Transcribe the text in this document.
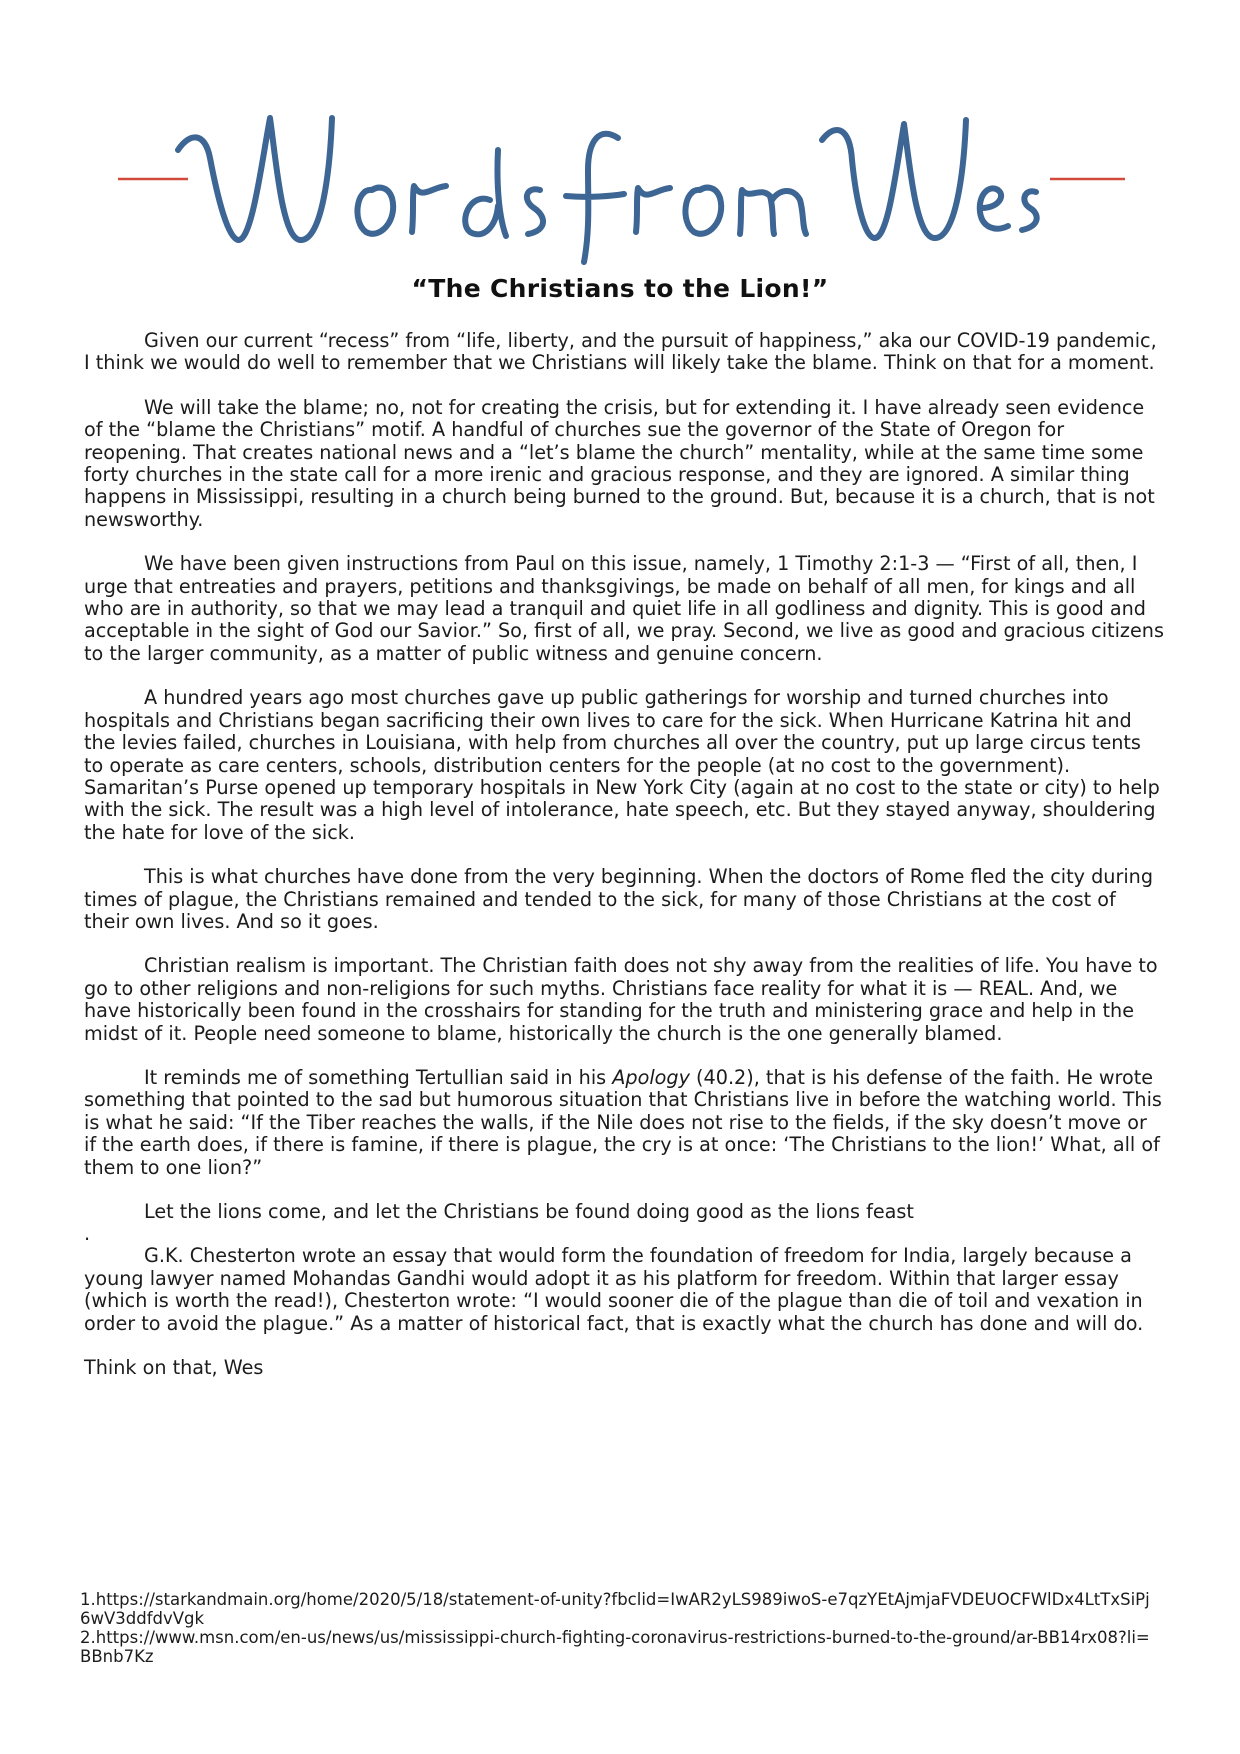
“The Christians to the Lion!”

Given our current “recess” from “life, liberty, and the pursuit of happiness,” aka our COVID-19 pandemic, I think we would do well to remember that we Christians will likely take the blame. Think on that for a moment.

We will take the blame; no, not for creating the crisis, but for extending it. I have already seen evidence of the “blame the Christians” motif. A handful of churches sue the governor of the State of Oregon for reopening. That creates national news and a “let’s blame the church” mentality, while at the same time some forty churches in the state call for a more irenic and gracious response, and they are ignored. A similar thing happens in Mississippi, resulting in a church being burned to the ground. But, because it is a church, that is not newsworthy.

We have been given instructions from Paul on this issue, namely, 1 Timothy 2:1-3 — “First of all, then, I urge that entreaties and prayers, petitions and thanksgivings, be made on behalf of all men, for kings and all who are in authority, so that we may lead a tranquil and quiet life in all godliness and dignity. This is good and acceptable in the sight of God our Savior.” So, first of all, we pray. Second, we live as good and gracious citizens to the larger community, as a matter of public witness and genuine concern.

A hundred years ago most churches gave up public gatherings for worship and turned churches into hospitals and Christians began sacrificing their own lives to care for the sick. When Hurricane Katrina hit and the levies failed, churches in Louisiana, with help from churches all over the country, put up large circus tents to operate as care centers, schools, distribution centers for the people (at no cost to the government). Samaritan’s Purse opened up temporary hospitals in New York City (again at no cost to the state or city) to help with the sick. The result was a high level of intolerance, hate speech, etc. But they stayed anyway, shouldering the hate for love of the sick.

This is what churches have done from the very beginning. When the doctors of Rome fled the city during times of plague, the Christians remained and tended to the sick, for many of those Christians at the cost of their own lives. And so it goes.

Christian realism is important. The Christian faith does not shy away from the realities of life. You have to go to other religions and non-religions for such myths. Christians face reality for what it is — REAL. And, we have historically been found in the crosshairs for standing for the truth and ministering grace and help in the midst of it. People need someone to blame, historically the church is the one generally blamed.

It reminds me of something Tertullian said in his Apology (40.2), that is his defense of the faith. He wrote something that pointed to the sad but humorous situation that Christians live in before the watching world. This is what he said: “If the Tiber reaches the walls, if the Nile does not rise to the fields, if the sky doesn’t move or if the earth does, if there is famine, if there is plague, the cry is at once: ‘The Christians to the lion!’ What, all of them to one lion?”

Let the lions come, and let the Christians be found doing good as the lions feast

.

G.K. Chesterton wrote an essay that would form the foundation of freedom for India, largely because a young lawyer named Mohandas Gandhi would adopt it as his platform for freedom. Within that larger essay (which is worth the read!), Chesterton wrote: “I would sooner die of the plague than die of toil and vexation in order to avoid the plague.” As a matter of historical fact, that is exactly what the church has done and will do.

Think on that, Wes

1.https://starkandmain.org/home/2020/5/18/statement-of-unity?fbclid=IwAR2yLS989iwoS-e7qzYEtAjmjaFVDEUOCFWlDx4LtTxSiPj6wV3ddfdvVgk
2.https://www.msn.com/en-us/news/us/mississippi-church-fighting-coronavirus-restrictions-burned-to-the-ground/ar-BB14rx08?li=BBnb7Kz
